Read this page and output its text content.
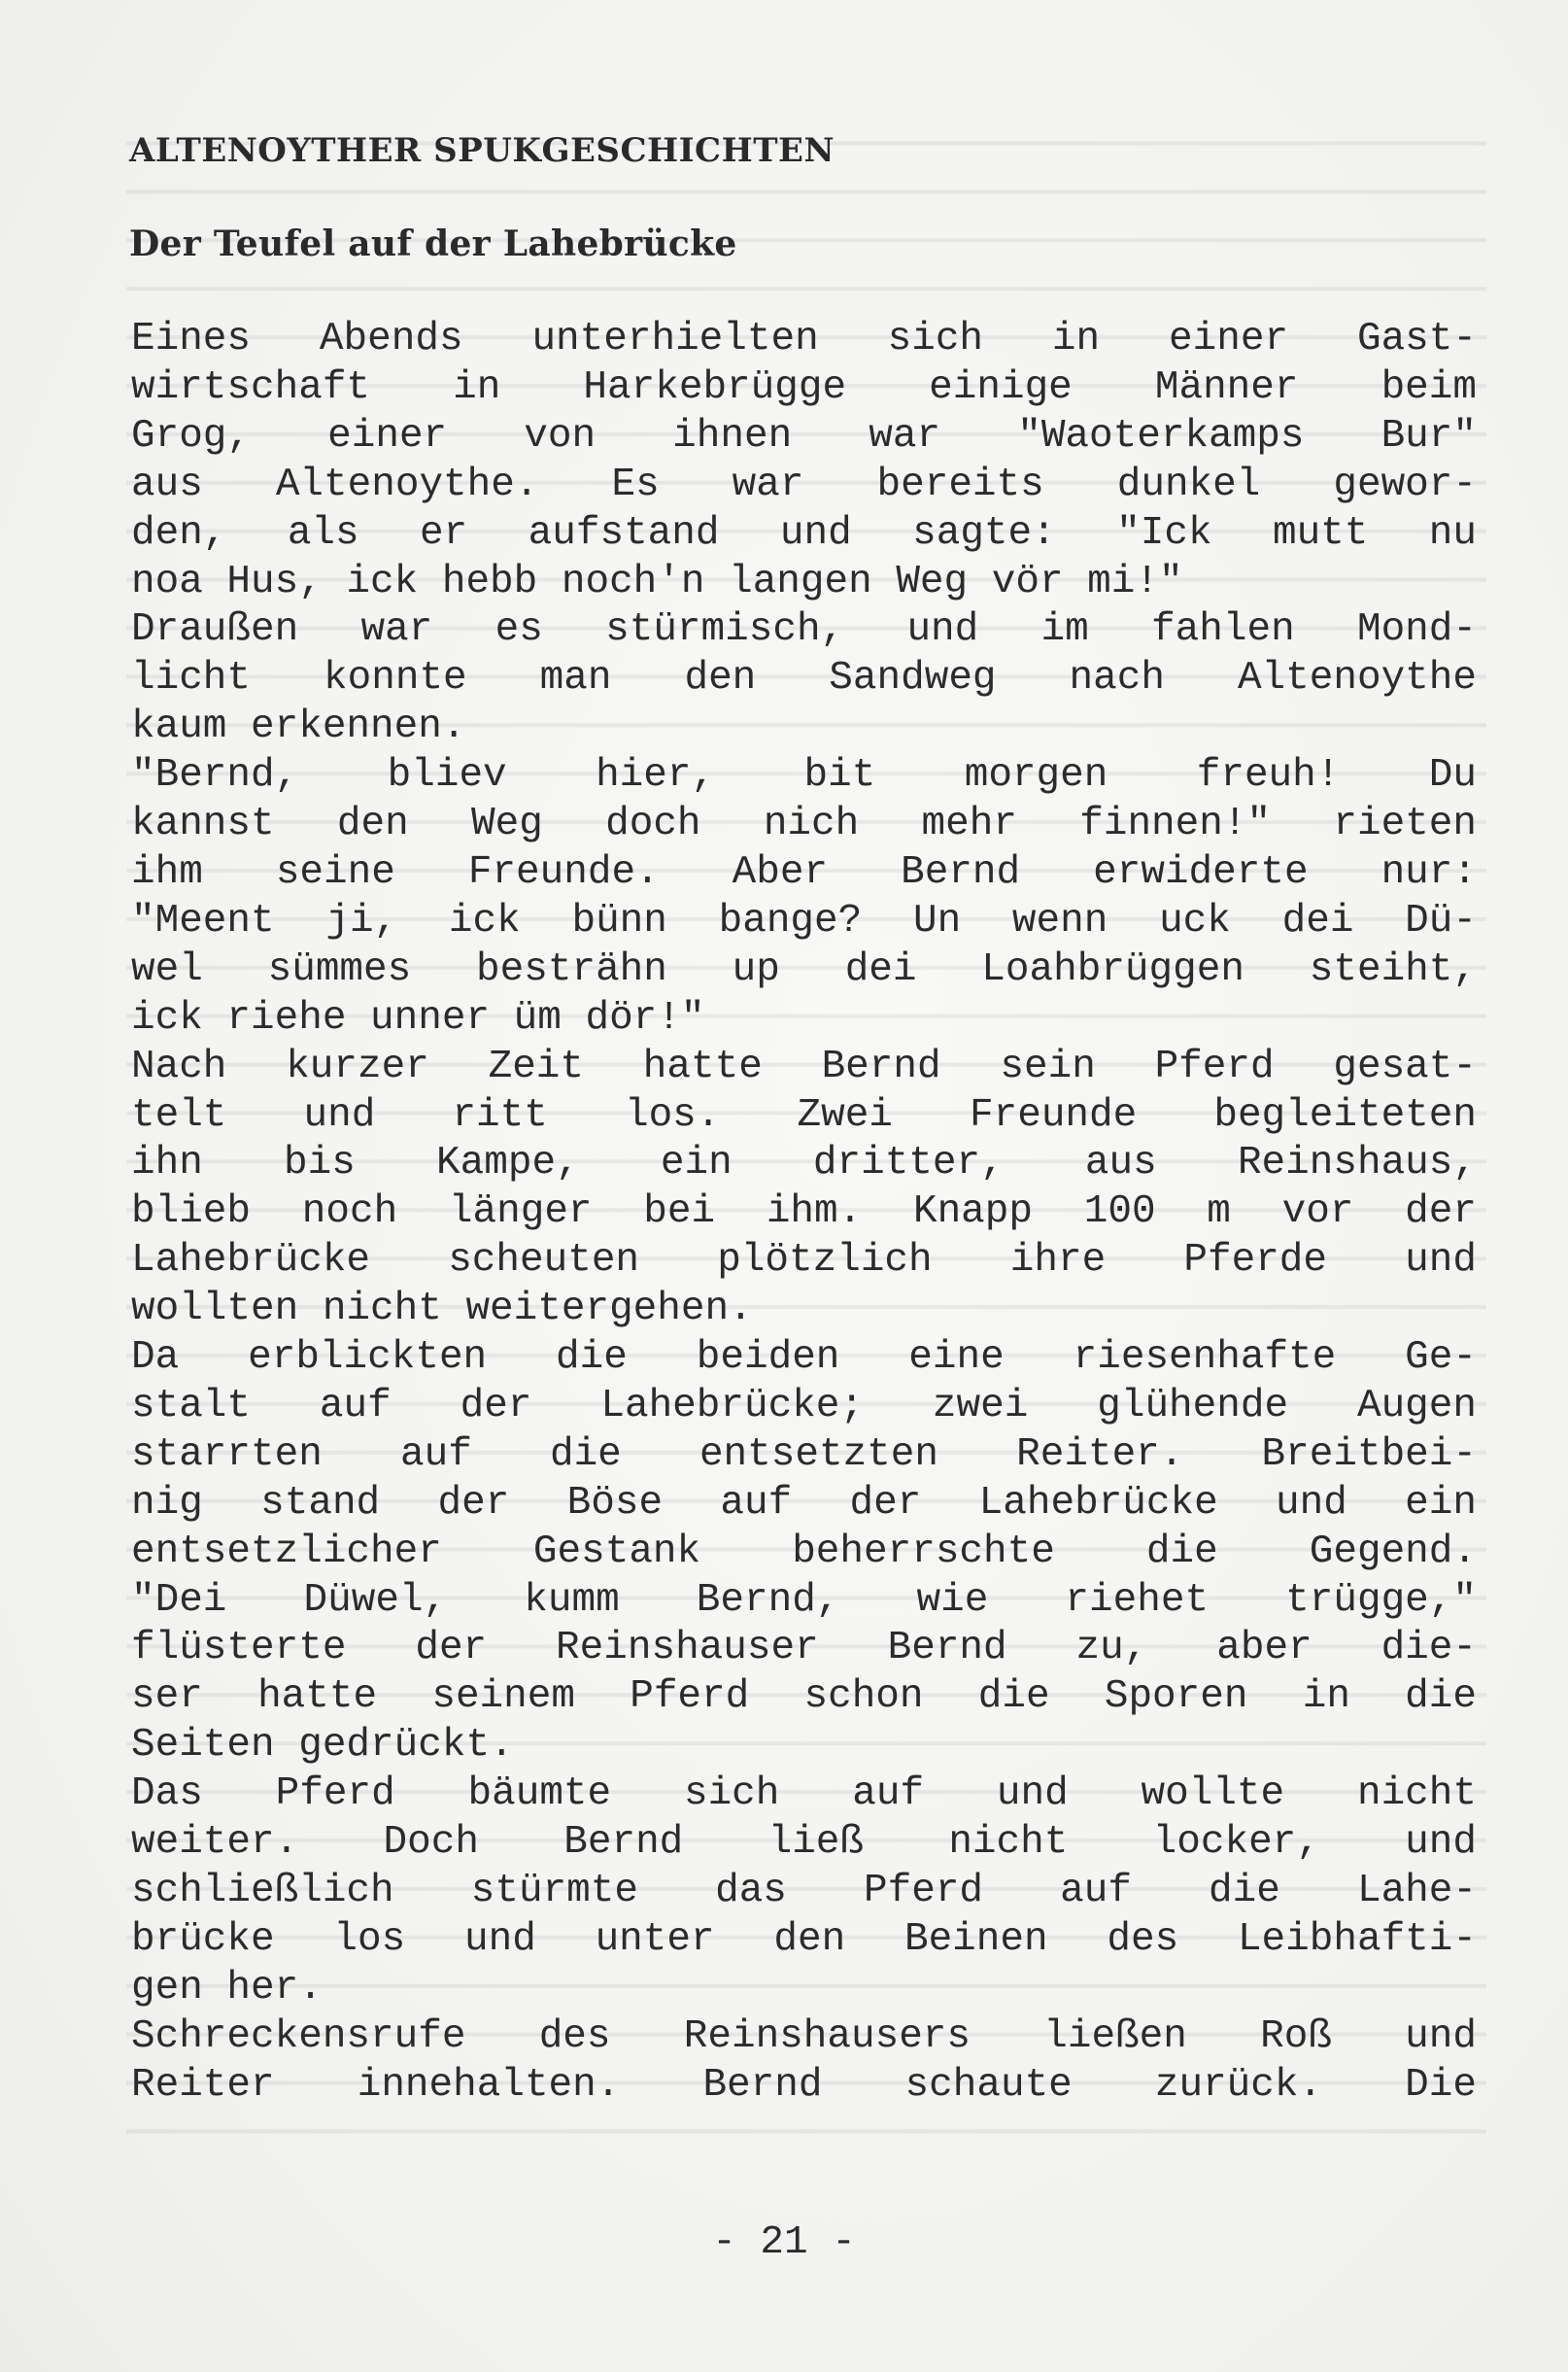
ALTENOYTHER SPUKGESCHICHTEN
Der Teufel auf der Lahebrücke
Eines Abends unterhielten sich in einer Gast-
wirtschaft in Harkebrügge einige Männer beim
Grog, einer von ihnen war "Waoterkamps Bur"
aus Altenoythe. Es war bereits dunkel gewor-
den, als er aufstand und sagte: "Ick mutt nu
noa Hus, ick hebb noch'n langen Weg vör mi!"
Draußen war es stürmisch, und im fahlen Mond-
licht konnte man den Sandweg nach Altenoythe
kaum erkennen.
"Bernd, bliev hier, bit morgen freuh! Du
kannst den Weg doch nich mehr finnen!" rieten
ihm seine Freunde. Aber Bernd erwiderte nur:
"Meent ji, ick bünn bange? Un wenn uck dei Dü-
wel sümmes besträhn up dei Loahbrüggen steiht,
ick riehe unner üm dör!"
Nach kurzer Zeit hatte Bernd sein Pferd gesat-
telt und ritt los. Zwei Freunde begleiteten
ihn bis Kampe, ein dritter, aus Reinshaus,
blieb noch länger bei ihm. Knapp 100 m vor der
Lahebrücke scheuten plötzlich ihre Pferde und
wollten nicht weitergehen.
Da erblickten die beiden eine riesenhafte Ge-
stalt auf der Lahebrücke; zwei glühende Augen
starrten auf die entsetzten Reiter. Breitbei-
nig stand der Böse auf der Lahebrücke und ein
entsetzlicher Gestank beherrschte die Gegend.
"Dei Düwel, kumm Bernd, wie riehet trügge,"
flüsterte der Reinshauser Bernd zu, aber die-
ser hatte seinem Pferd schon die Sporen in die
Seiten gedrückt.
Das Pferd bäumte sich auf und wollte nicht
weiter. Doch Bernd ließ nicht locker, und
schließlich stürmte das Pferd auf die Lahe-
brücke los und unter den Beinen des Leibhafti-
gen her.
Schreckensrufe des Reinshausers ließen Roß und
Reiter innehalten. Bernd schaute zurück. Die

- 21 -
